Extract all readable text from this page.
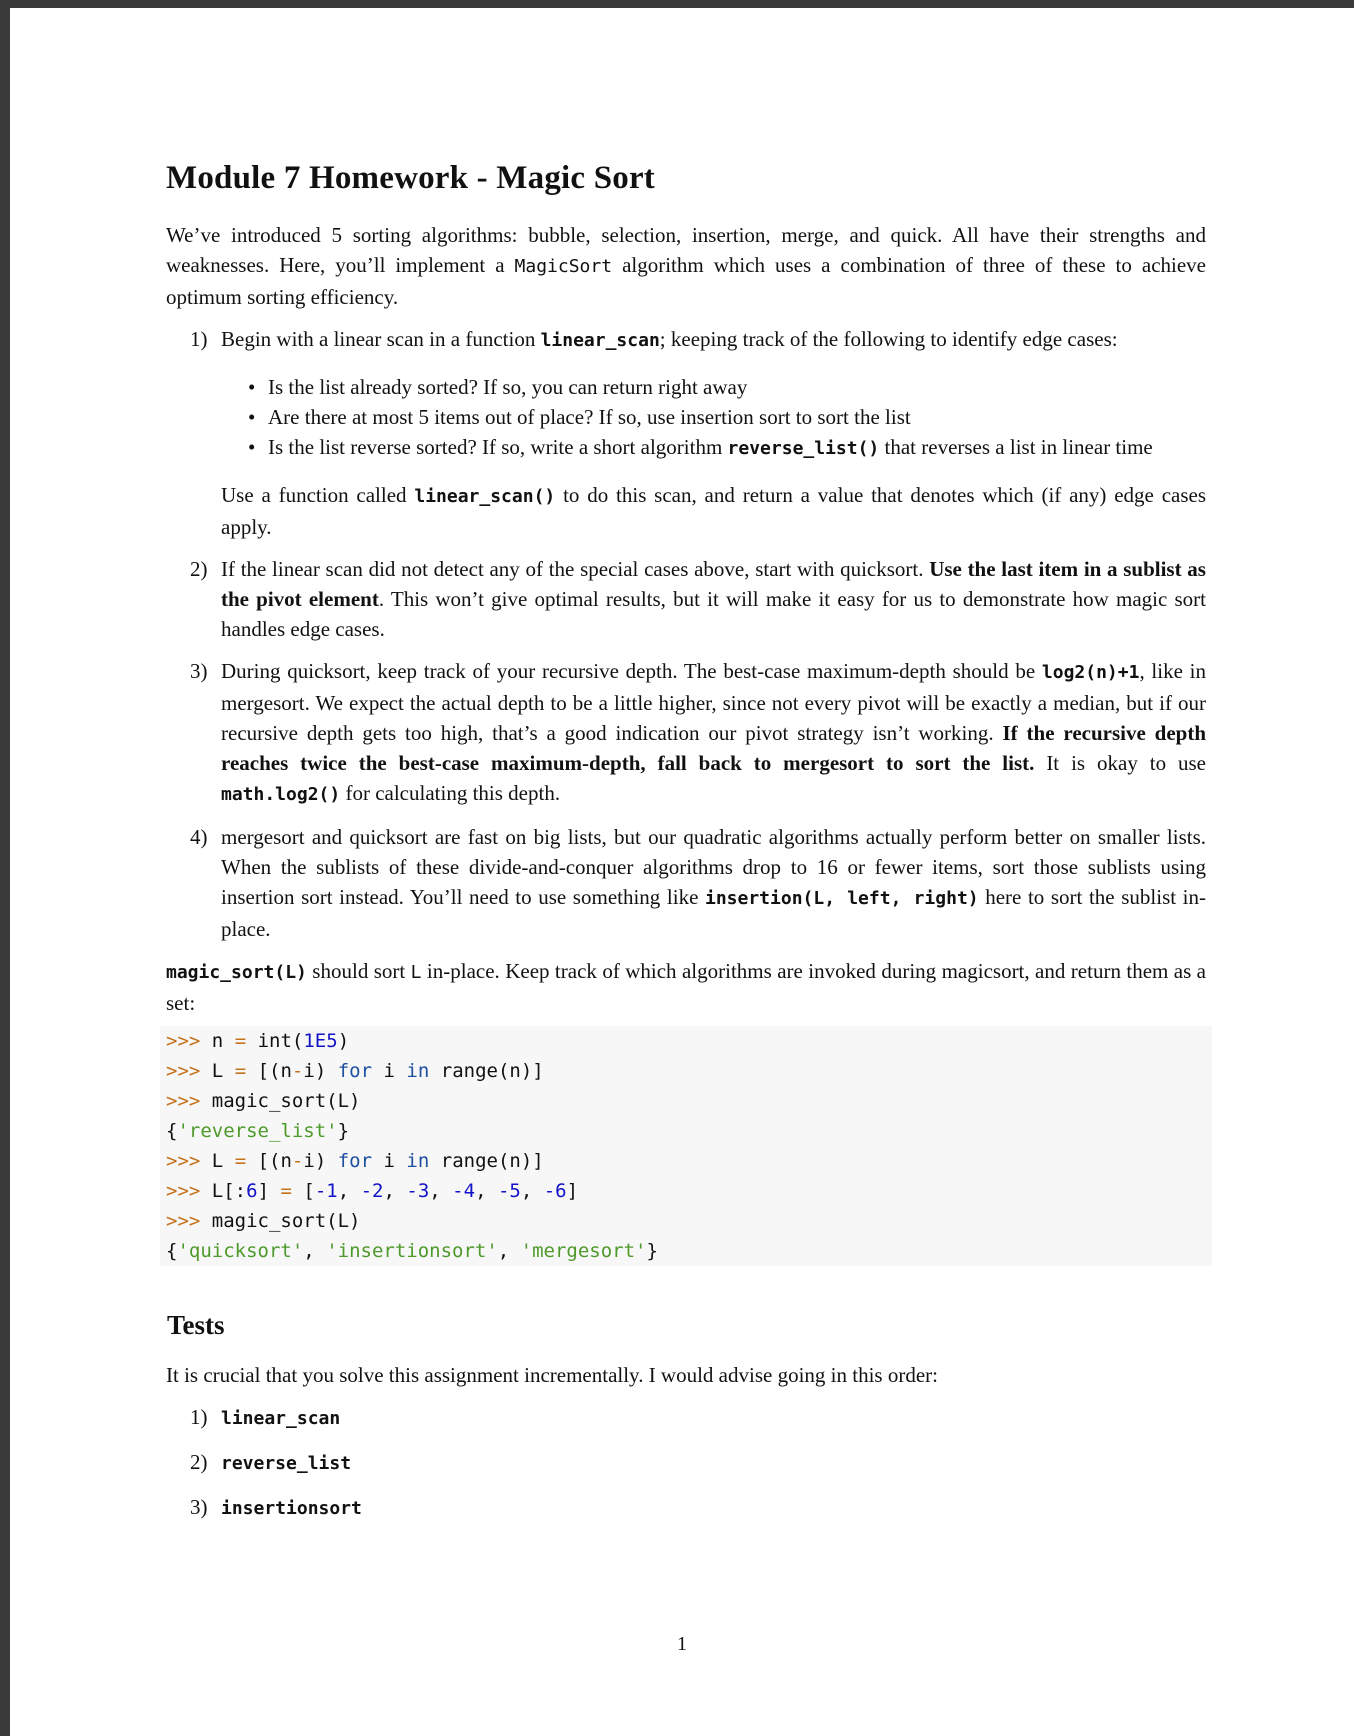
Module 7 Homework - Magic Sort

We’ve introduced 5 sorting algorithms: bubble, selection, insertion, merge, and quick. All have their strengths and weaknesses. Here, you’ll implement a MagicSort algorithm which uses a combination of three of these to achieve optimum sorting efficiency.

1) Begin with a linear scan in a function linear_scan; keeping track of the following to identify edge cases:
• Is the list already sorted? If so, you can return right away
• Are there at most 5 items out of place? If so, use insertion sort to sort the list
• Is the list reverse sorted? If so, write a short algorithm reverse_list() that reverses a list in linear time
Use a function called linear_scan() to do this scan, and return a value that denotes which (if any) edge cases apply.
2) If the linear scan did not detect any of the special cases above, start with quicksort. Use the last item in a sublist as the pivot element. This won’t give optimal results, but it will make it easy for us to demonstrate how magic sort handles edge cases.
3) During quicksort, keep track of your recursive depth. The best-case maximum-depth should be log2(n)+1, like in mergesort. We expect the actual depth to be a little higher, since not every pivot will be exactly a median, but if our recursive depth gets too high, that’s a good indication our pivot strategy isn’t working. If the recursive depth reaches twice the best-case maximum-depth, fall back to mergesort to sort the list. It is okay to use math.log2() for calculating this depth.
4) mergesort and quicksort are fast on big lists, but our quadratic algorithms actually perform better on smaller lists. When the sublists of these divide-and-conquer algorithms drop to 16 or fewer items, sort those sublists using insertion sort instead. You’ll need to use something like insertion(L, left, right) here to sort the sublist in-place.

magic_sort(L) should sort L in-place. Keep track of which algorithms are invoked during magicsort, and return them as a set:

>>> n = int(1E5)
>>> L = [(n-i) for i in range(n)]
>>> magic_sort(L)
{'reverse_list'}
>>> L = [(n-i) for i in range(n)]
>>> L[:6] = [-1, -2, -3, -4, -5, -6]
>>> magic_sort(L)
{'quicksort', 'insertionsort', 'mergesort'}
Tests

It is crucial that you solve this assignment incrementally. I would advise going in this order:

1) linear_scan
2) reverse_list
3) insertionsort
1
